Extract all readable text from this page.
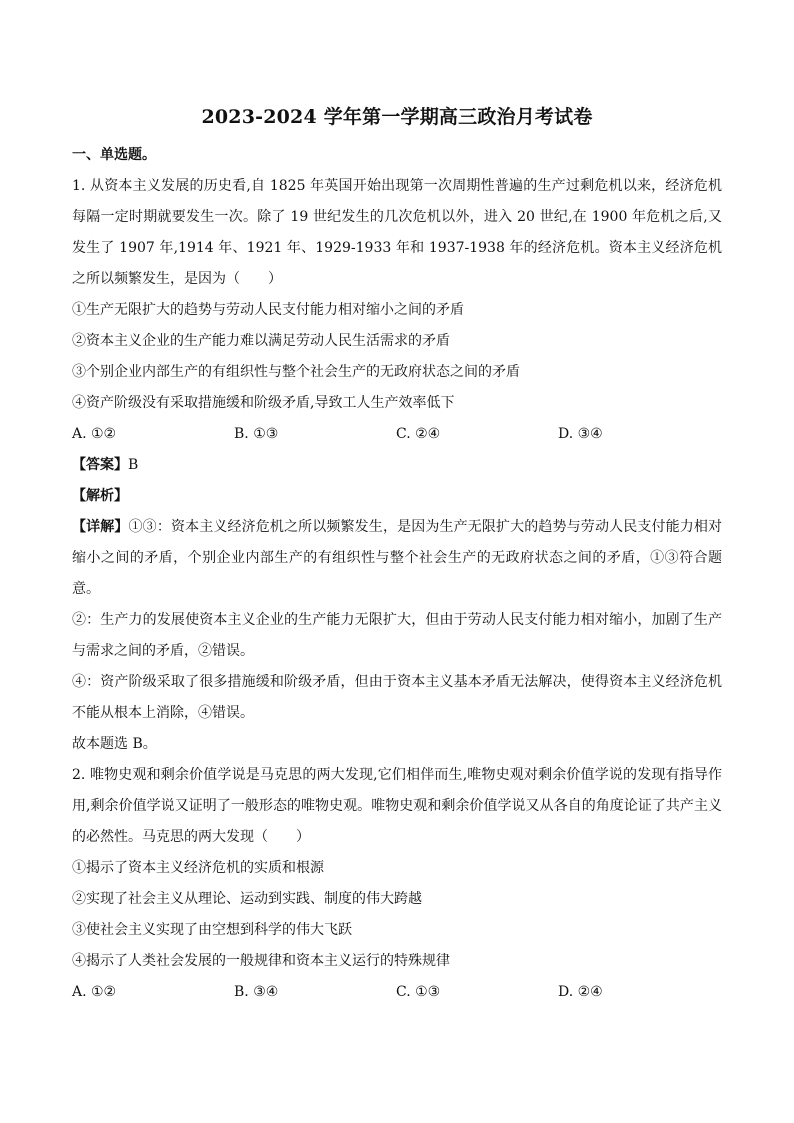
2023-2024 学年第一学期高三政治月考试卷
一、单选题。

1. 从资本主义发展的历史看,自 1825 年英国开始出现第一次周期性普遍的生产过剩危机以来，经济危机每隔一定时期就要发生一次。除了 19 世纪发生的几次危机以外，进入 20 世纪,在 1900 年危机之后,又发生了 1907 年,1914 年、1921 年、1929-1933 年和 1937-1938 年的经济危机。资本主义经济危机之所以频繁发生，是因为（　　）

①生产无限扩大的趋势与劳动人民支付能力相对缩小之间的矛盾

②资本主义企业的生产能力难以满足劳动人民生活需求的矛盾

③个别企业内部生产的有组织性与整个社会生产的无政府状态之间的矛盾

④资产阶级没有采取措施缓和阶级矛盾,导致工人生产效率低下

A. ①②	B. ①③	C. ②④	D. ③④

【答案】B

【解析】

【详解】①③：资本主义经济危机之所以频繁发生，是因为生产无限扩大的趋势与劳动人民支付能力相对缩小之间的矛盾，个别企业内部生产的有组织性与整个社会生产的无政府状态之间的矛盾，①③符合题意。

②：生产力的发展使资本主义企业的生产能力无限扩大，但由于劳动人民支付能力相对缩小，加剧了生产与需求之间的矛盾，②错误。

④：资产阶级采取了很多措施缓和阶级矛盾，但由于资本主义基本矛盾无法解决，使得资本主义经济危机不能从根本上消除，④错误。

故本题选 B。

2. 唯物史观和剩余价值学说是马克思的两大发现,它们相伴而生,唯物史观对剩余价值学说的发现有指导作用,剩余价值学说又证明了一般形态的唯物史观。唯物史观和剩余价值学说又从各自的角度论证了共产主义的必然性。马克思的两大发现（　　）

①揭示了资本主义经济危机的实质和根源

②实现了社会主义从理论、运动到实践、制度的伟大跨越

③使社会主义实现了由空想到科学的伟大飞跃

④揭示了人类社会发展的一般规律和资本主义运行的特殊规律

A. ①②	B. ③④	C. ①③	D. ②④
